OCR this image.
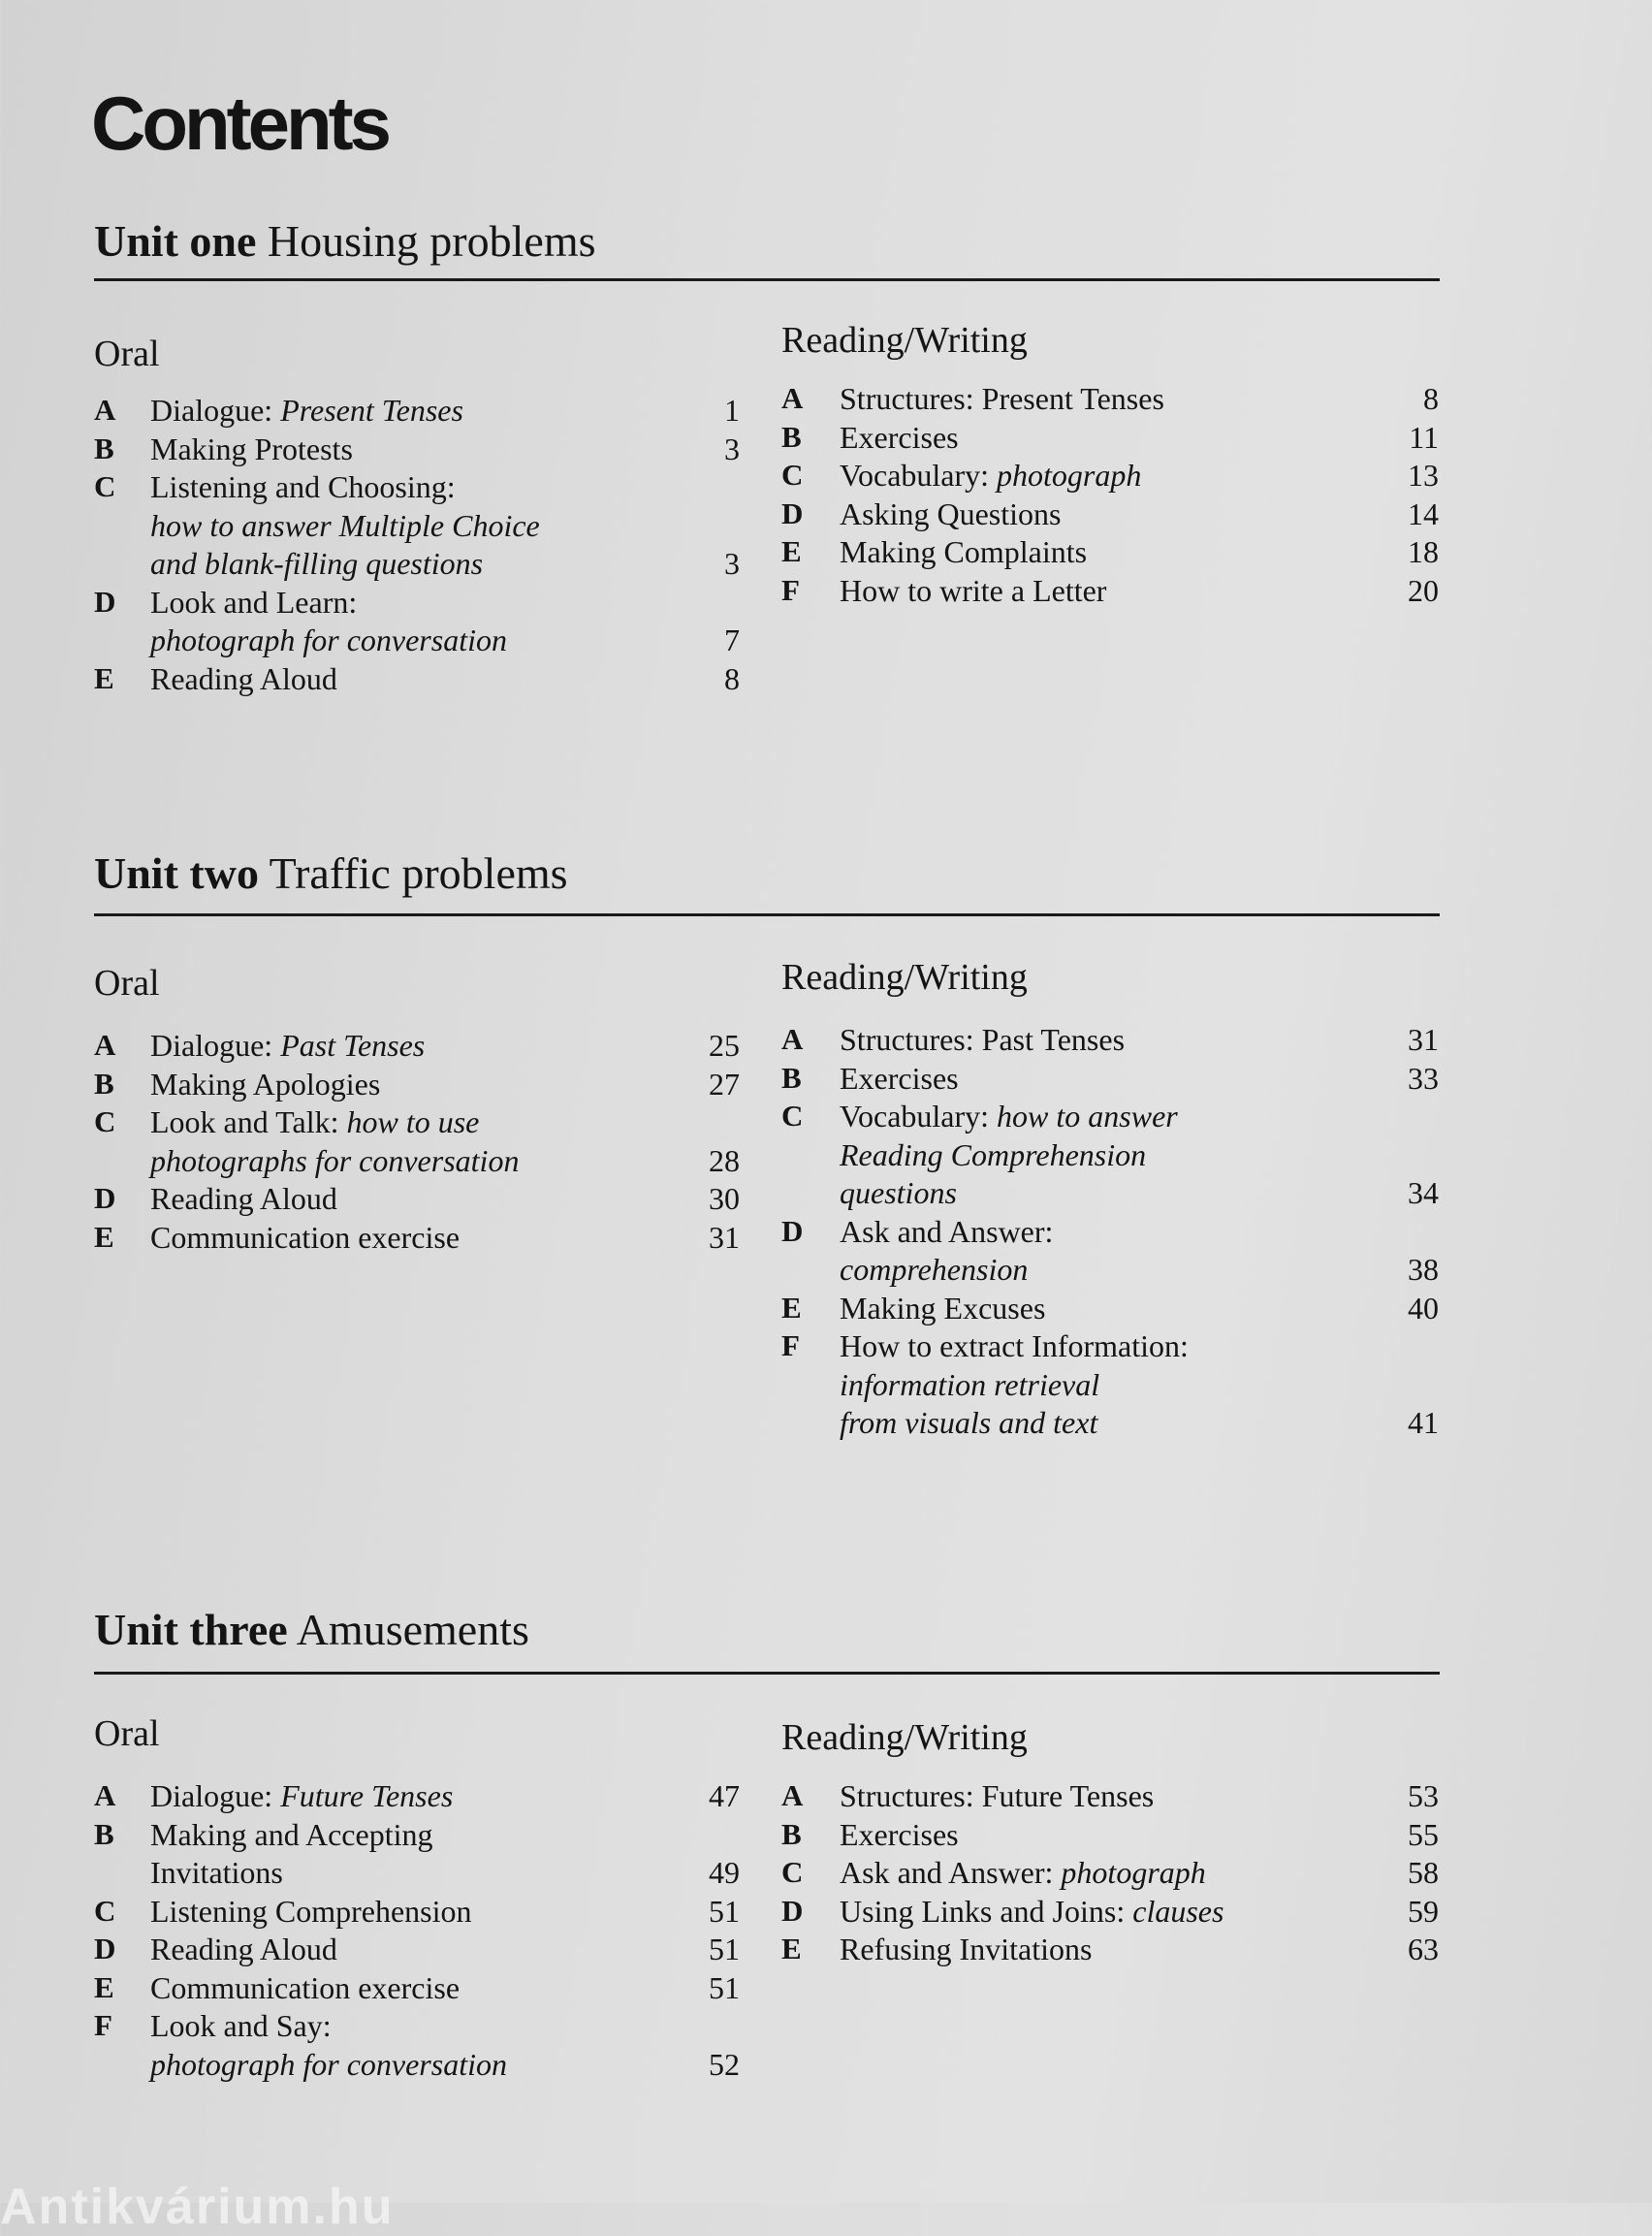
Contents
Unit one Housing problems
Oral
A Dialogue: Present Tenses	1
B Making Protests	3
C Listening and Choosing:
how to answer Multiple Choice
and blank-filling questions	3
D Look and Learn:
photograph for conversation	7
E Reading Aloud	8
Reading/Writing
A Structures: Present Tenses	8
B Exercises	11
C Vocabulary: photograph	13
D Asking Questions	14
E Making Complaints	18
F How to write a Letter	20
Unit two Traffic problems
Oral
A Dialogue: Past Tenses	25
B Making Apologies	27
C Look and Talk: how to use
photographs for conversation	28
D Reading Aloud	30
E Communication exercise	31
Reading/Writing
A Structures: Past Tenses	31
B Exercises	33
C Vocabulary: how to answer
Reading Comprehension
questions	34
D Ask and Answer:
comprehension	38
E Making Excuses	40
F How to extract Information:
information retrieval
from visuals and text	41
Unit three Amusements
Oral
A Dialogue: Future Tenses	47
B Making and Accepting
Invitations	49
C Listening Comprehension	51
D Reading Aloud	51
E Communication exercise	51
F Look and Say:
photograph for conversation	52
Reading/Writing
A Structures: Future Tenses	53
B Exercises	55
C Ask and Answer: photograph	58
D Using Links and Joins: clauses	59
E Refusing Invitations	63
Antikvárium.hu
